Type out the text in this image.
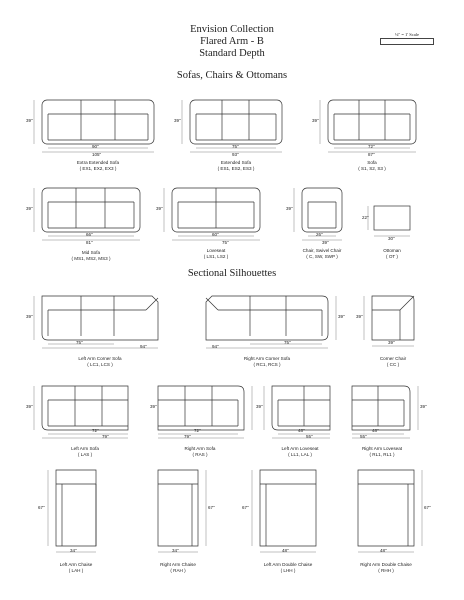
Envision Collection
Flared Arm - B
Standard Depth
⅛" = 1' Scale
Sofas, Chairs & Ottomans
Sectional Silhouettes
39"
90"
105"
Extra Extended Sofa
( EX1, EX2, EX3 )
39"
75"
93"
Extended Sofa
( ES1, ES2, ES3 )
39"
72"
87"
Sofa
( S1, S2, S3 )
39"
66"
81"
Mid Sofa
( MS1, MS2, MS3 )
39"
60"
75"
Loveseat
( LS1, LS2 )
39"
26"
39"
Chair, Swivel Chair
( C, SW, SWP )
22"
30"
Ottoman
( OT )
39"
75"
94"
Left Arm Corner Sofa
( LC1, LCS )
39"
75"
94"
Right Arm Corner Sofa
( RC1, RCS )
39"
39"
Corner Chair
( CC )
39"
72"
79"
Left Arm Sofa
( LAS )
39"
72"
79"
Right Arm Sofa
( RAS )
39"
48"
55"
Left Arm Loveseat
( LL1, LAL )
39"
48"
55"
Right Arm Loveseat
( RL1, RL1 )
67"
34"
Left Arm Chaise
( LAH )
67"
34"
Right Arm Chaise
( RAH )
67"
48"
Left Arm Double Chaise
( LHH )
67"
48"
Right Arm Double Chaise
( RHH )
